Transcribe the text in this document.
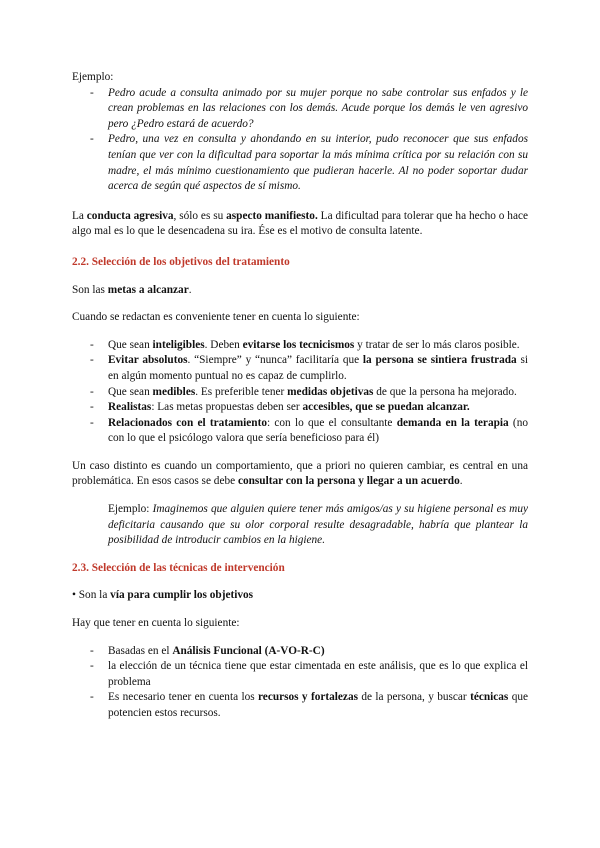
Ejemplo:

- Pedro acude a consulta animado por su mujer porque no sabe controlar sus enfados y le crean problemas en las relaciones con los demás. Acude porque los demás le ven agresivo pero ¿Pedro estará de acuerdo?
- Pedro, una vez en consulta y ahondando en su interior, pudo reconocer que sus enfados tenían que ver con la dificultad para soportar la más mínima crítica por su relación con su madre, el más mínimo cuestionamiento que pudieran hacerle. Al no poder soportar dudar acerca de según qué aspectos de sí mismo.

La conducta agresiva, sólo es su aspecto manifiesto. La dificultad para tolerar que ha hecho o hace algo mal es lo que le desencadena su ira. Ése es el motivo de consulta latente.

2.2. Selección de los objetivos del tratamiento

Son las metas a alcanzar.

Cuando se redactan es conveniente tener en cuenta lo siguiente:

- Que sean inteligibles. Deben evitarse los tecnicismos y tratar de ser lo más claros posible.
- Evitar absolutos. “Siempre” y “nunca” facilitaría que la persona se sintiera frustrada si en algún momento puntual no es capaz de cumplirlo.
- Que sean medibles. Es preferible tener medidas objetivas de que la persona ha mejorado.
- Realistas: Las metas propuestas deben ser accesibles, que se puedan alcanzar.
- Relacionados con el tratamiento: con lo que el consultante demanda en la terapia (no con lo que el psicólogo valora que sería beneficioso para él)

Un caso distinto es cuando un comportamiento, que a priori no quieren cambiar, es central en una problemática. En esos casos se debe consultar con la persona y llegar a un acuerdo.

Ejemplo: Imaginemos que alguien quiere tener más amigos/as y su higiene personal es muy deficitaria causando que su olor corporal resulte desagradable, habría que plantear la posibilidad de introducir cambios en la higiene.

2.3. Selección de las técnicas de intervención

• Son la vía para cumplir los objetivos

Hay que tener en cuenta lo siguiente:

- Basadas en el Análisis Funcional (A-VO-R-C)
- la elección de un técnica tiene que estar cimentada en este análisis, que es lo que explica el problema
- Es necesario tener en cuenta los recursos y fortalezas de la persona, y buscar técnicas que potencien estos recursos.
